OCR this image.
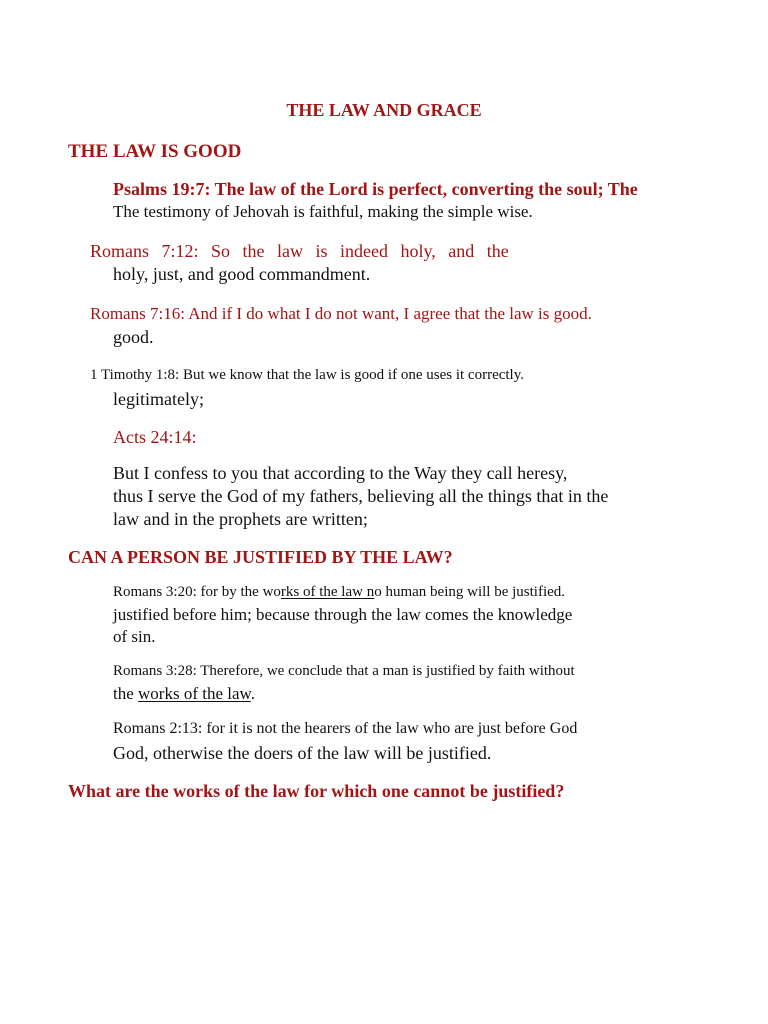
THE LAW AND GRACE
THE LAW IS GOOD
Psalms 19:7: The law of the Lord is perfect, converting the soul; The
The testimony of Jehovah is faithful, making the simple wise.
Romans 7:12: So the law is indeed holy, and the
holy, just, and good commandment.
Romans 7:16: And if I do what I do not want, I agree that the law is good.
good.
1 Timothy 1:8: But we know that the law is good if one uses it correctly.
legitimately;
Acts 24:14:
But I confess to you that according to the Way they call heresy,
thus I serve the God of my fathers, believing all the things that in the
law and in the prophets are written;
CAN A PERSON BE JUSTIFIED BY THE LAW?
Romans 3:20: for by the works of the law no human being will be justified.
justified before him; because through the law comes the knowledge
of sin.
Romans 3:28: Therefore, we conclude that a man is justified by faith without
the works of the law.
Romans 2:13: for it is not the hearers of the law who are just before God
God, otherwise the doers of the law will be justified.
What are the works of the law for which one cannot be justified?
